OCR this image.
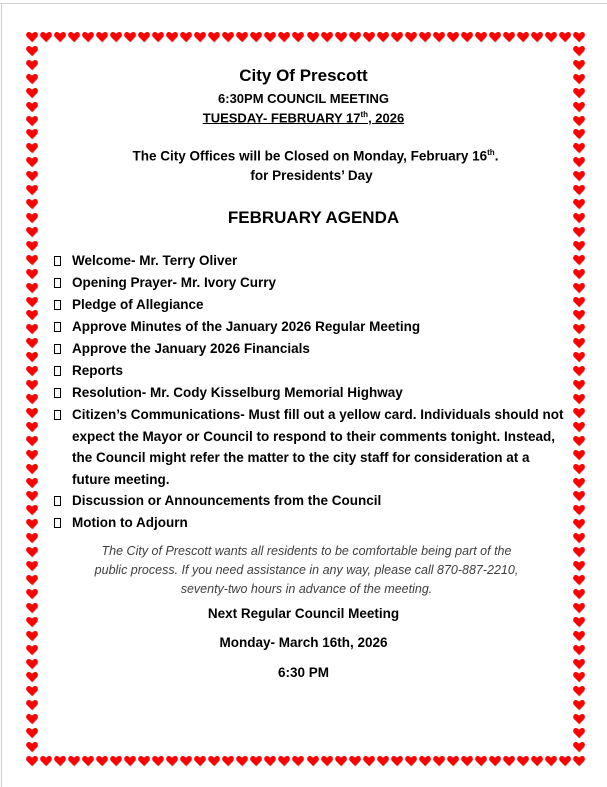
City Of Prescott
6:30PM COUNCIL MEETING
TUESDAY- FEBRUARY 17th, 2026
The City Offices will be Closed on Monday, February 16th.
for Presidents’ Day
FEBRUARY AGENDA
Welcome- Mr. Terry Oliver
Opening Prayer- Mr. Ivory Curry
Pledge of Allegiance
Approve Minutes of the January 2026 Regular Meeting
Approve the January 2026 Financials
Reports
Resolution- Mr. Cody Kisselburg Memorial Highway
Citizen’s Communications- Must fill out a yellow card. Individuals should not expect the Mayor or Council to respond to their comments tonight. Instead, the Council might refer the matter to the city staff for consideration at a future meeting.
Discussion or Announcements from the Council
Motion to Adjourn
The City of Prescott wants all residents to be comfortable being part of the
public process. If you need assistance in any way, please call 870-887-2210,
seventy-two hours in advance of the meeting.
Next Regular Council Meeting
Monday- March 16th, 2026
6:30 PM
